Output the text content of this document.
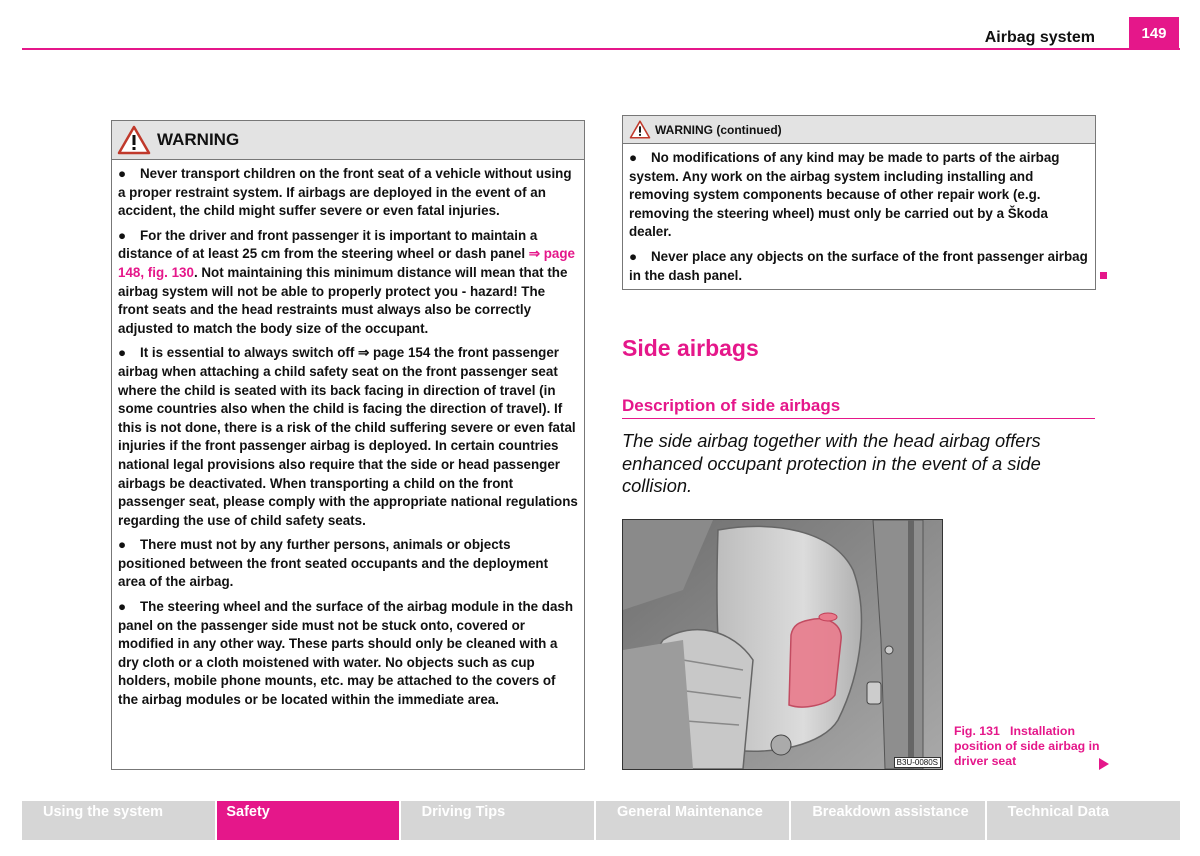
Airbag system	149
WARNING

● Never transport children on the front seat of a vehicle without using a proper restraint system. If airbags are deployed in the event of an accident, the child might suffer severe or even fatal injuries.

● For the driver and front passenger it is important to maintain a distance of at least 25 cm from the steering wheel or dash panel ⇒ page 148, fig. 130. Not maintaining this minimum distance will mean that the airbag system will not be able to properly protect you - hazard! The front seats and the head restraints must always also be correctly adjusted to match the body size of the occupant.

● It is essential to always switch off ⇒ page 154 the front passenger airbag when attaching a child safety seat on the front passenger seat where the child is seated with its back facing in direction of travel (in some countries also when the child is facing the direction of travel). If this is not done, there is a risk of the child suffering severe or even fatal injuries if the front passenger airbag is deployed. In certain countries national legal provisions also require that the side or head passenger airbags be deactivated. When transporting a child on the front passenger seat, please comply with the appropriate national regulations regarding the use of child safety seats.

● There must not by any further persons, animals or objects positioned between the front seated occupants and the deployment area of the airbag.

● The steering wheel and the surface of the airbag module in the dash panel on the passenger side must not be stuck onto, covered or modified in any other way. These parts should only be cleaned with a dry cloth or a cloth moistened with water. No objects such as cup holders, mobile phone mounts, etc. may be attached to the covers of the airbag modules or be located within the immediate area.

WARNING (continued)

● No modifications of any kind may be made to parts of the airbag system. Any work on the airbag system including installing and removing system components because of other repair work (e.g. removing the steering wheel) must only be carried out by a Škoda dealer.

● Never place any objects on the surface of the front passenger airbag in the dash panel.

Side airbags
Description of side airbags
The side airbag together with the head airbag offers enhanced occupant protection in the event of a side collision.
B3U-0080S
Fig. 131 Installation position of side airbag in driver seat
Using the system	Safety	Driving Tips	General Maintenance	Breakdown assistance	Technical Data
